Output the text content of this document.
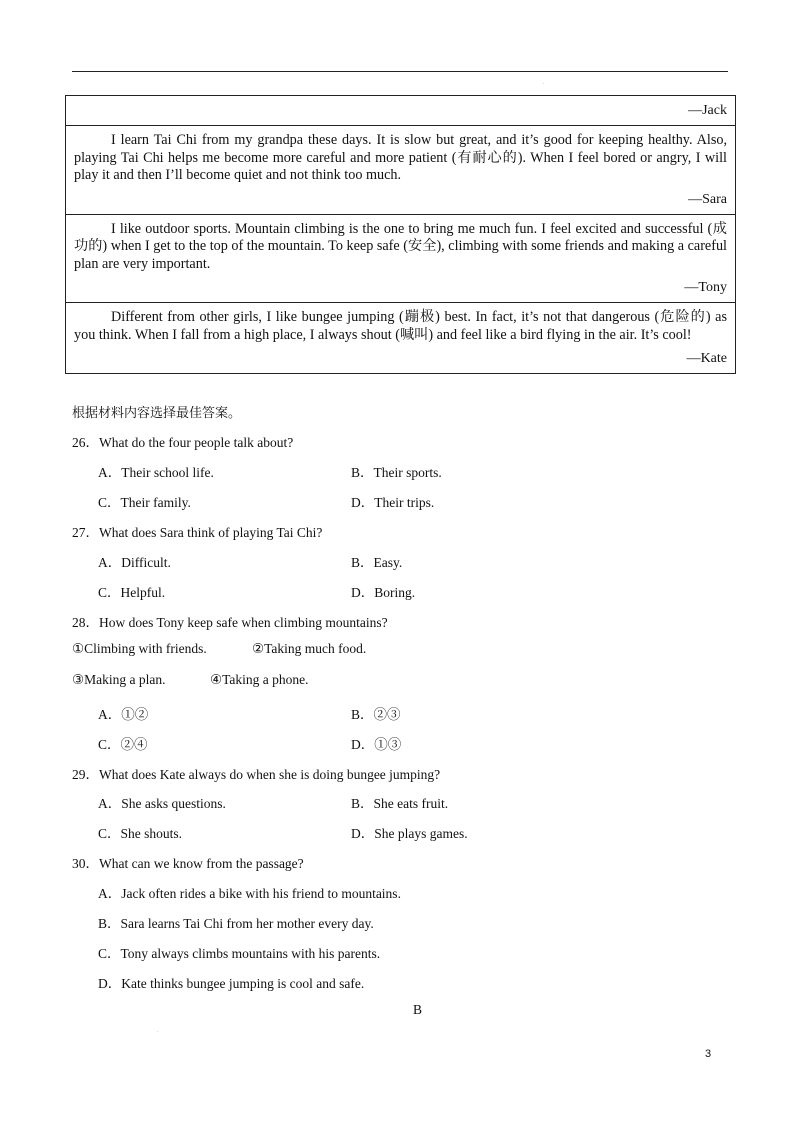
.
—Jack

I learn Tai Chi from my grandpa these days. It is slow but great, and it’s good for keeping healthy. Also, playing Tai Chi helps me become more careful and more patient (有耐心的). When I feel bored or angry, I will play it and then I’ll become quiet and not think too much.

—Sara

I like outdoor sports. Mountain climbing is the one to bring me much fun. I feel excited and successful (成功的) when I get to the top of the mountain. To keep safe (安全), climbing with some friends and making a careful plan are very important.

—Tony

Different from other girls, I like bungee jumping (蹦极) best. In fact, it’s not that dangerous (危险的) as you think. When I fall from a high place, I always shout (喊叫) and feel like a bird flying in the air. It’s cool!

—Kate
根据材料内容选择最佳答案。
26．What do the four people talk about?
A．Their school life.	B．Their sports.
C．Their family.	D．Their trips.
27．What does Sara think of playing Tai Chi?
A．Difficult.	B．Easy.
C．Helpful.	D．Boring.
28．How does Tony keep safe when climbing mountains?
①Climbing with friends.	②Taking much food.
③Making a plan.	④Taking a phone.
A．①②	B．②③
C．②④	D．①③
29．What does Kate always do when she is doing bungee jumping?
A．She asks questions.	B．She eats fruit.
C．She shouts.	D．She plays games.
30．What can we know from the passage?
A．Jack often rides a bike with his friend to mountains.
B．Sara learns Tai Chi from her mother every day.
C．Tony always climbs mountains with his parents.
D．Kate thinks bungee jumping is cool and safe.
B
.
3
